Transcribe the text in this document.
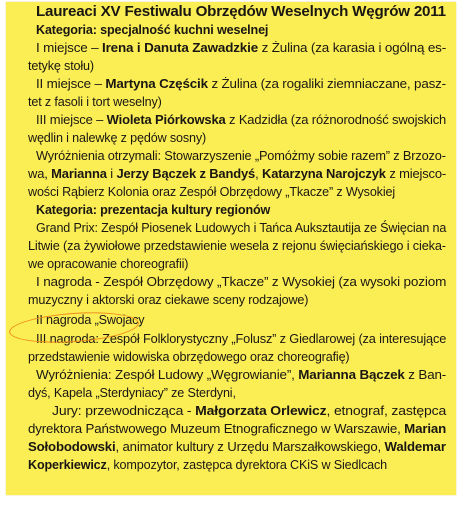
Laureaci XV Festiwalu Obrzędów Weselnych Węgrów 2011
Kategoria: specjalność kuchni weselnej
I miejsce – Irena i Danuta Zawadzkie z Żulina (za karasia i ogólną es-
tetykę stołu)
II miejsce – Martyna Częścik z Żulina (za rogaliki ziemniaczane, pasz-
tet z fasoli i tort weselny)
III miejsce – Wioleta Piórkowska z Kadzidła (za różnorodność swojskich
wędlin i nalewkę z pędów sosny)
Wyróżnienia otrzymali: Stowarzyszenie „Pomóżmy sobie razem” z Brzozo-
wa, Marianna i Jerzy Bączek z Bandyś, Katarzyna Narojczyk z miejsco-
wości Rąbierz Kolonia oraz Zespół Obrzędowy „Tkacze” z Wysokiej
Kategoria: prezentacja kultury regionów
Grand Prix: Zespół Piosenek Ludowych i Tańca Auksztautija ze Święcian na
Litwie (za żywiołowe przedstawienie wesela z rejonu święciańskiego i cieka-
we opracowanie choreografii)
I nagroda - Zespół Obrzędowy „Tkacze” z Wysokiej (za wysoki poziom
muzyczny i aktorski oraz ciekawe sceny rodzajowe)
II nagroda „Swojacy
III nagroda: Zespół Folklorystyczny „Folusz” z Giedlarowej (za interesujące
przedstawienie widowiska obrzędowego oraz choreografię)
Wyróżnienia: Zespół Ludowy „Węgrowianie”, Marianna Bączek z Ban-
dyś, Kapela „Sterdyniacy” ze Sterdyni,
Jury: przewodnicząca - Małgorzata Orlewicz, etnograf, zastępca
dyrektora Państwowego Muzeum Etnograficznego w Warszawie, Marian
Sołobodowski, animator kultury z Urzędu Marszałkowskiego, Waldemar
Koperkiewicz, kompozytor, zastępca dyrektora CKiS w Siedlcach
